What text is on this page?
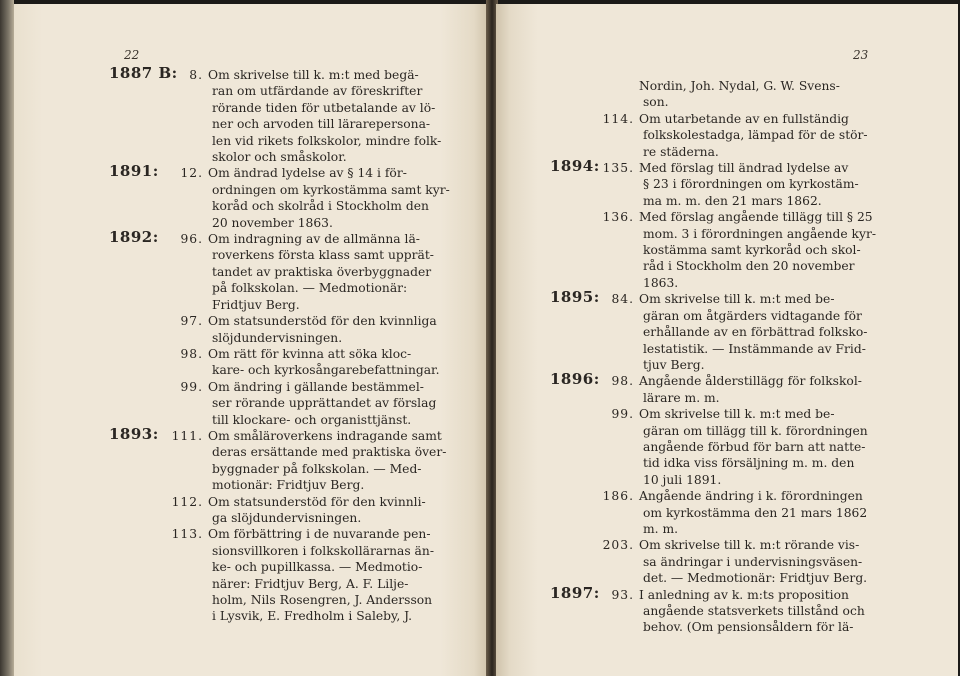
22
1887 B: 8. Om skrivelse till k. m:t med begä-
ran om utfärdande av föreskrifter
rörande tiden för utbetalande av lö-
ner och arvoden till lärarepersona-
len vid rikets folkskolor, mindre folk-
skolor och småskolor.
1891:	12. Om ändrad lydelse av § 14 i för-
ordningen om kyrkostämma samt kyr-
koråd och skolråd i Stockholm den
20 november 1863.
1892:	96. Om indragning av de allmänna lä-
roverkens första klass samt upprät-
tandet av praktiska överbyggnader
på folkskolan. — Medmotionär:
Fridtjuv Berg.
97. Om statsunderstöd för den kvinnliga
slöjdundervisningen.
98. Om rätt för kvinna att söka kloc-
kare- och kyrkosångarebefattningar.
99. Om ändring i gällande bestämmel-
ser rörande upprättandet av förslag
till klockare- och organisttjänst.
1893: 111. Om småläroverkens indragande samt
deras ersättande med praktiska över-
byggnader på folkskolan. — Med-
motionär: Fridtjuv Berg.
112. Om statsunderstöd för den kvinnli-
ga slöjdundervisningen.
113. Om förbättring i de nuvarande pen-
sionsvillkoren i folkskollärarnas än-
ke- och pupillkassa. — Medmotio-
närer: Fridtjuv Berg, A. F. Lilje-
holm, Nils Rosengren, J. Andersson
i Lysvik, E. Fredholm i Saleby, J.
23
Nordin, Joh. Nydal, G. W. Svens-
son.
114. Om utarbetande av en fullständig
folkskolestadga, lämpad för de stör-
re städerna.
1894: 135. Med förslag till ändrad lydelse av
§ 23 i förordningen om kyrkostäm-
ma m. m. den 21 mars 1862.
136. Med förslag angående tillägg till § 25
mom. 3 i förordningen angående kyr-
kostämma samt kyrkoråd och skol-
råd i Stockholm den 20 november
1863.
1895: 84. Om skrivelse till k. m:t med be-
gäran om åtgärders vidtagande för
erhållande av en förbättrad folksko-
lestatistik. — Instämmande av Frid-
tjuv Berg.
1896: 98. Angående ålderstillägg för folkskol-
lärare m. m.
99. Om skrivelse till k. m:t med be-
gäran om tillägg till k. förordningen
angående förbud för barn att natte-
tid idka viss försäljning m. m. den
10 juli 1891.
186. Angående ändring i k. förordningen
om kyrkostämma den 21 mars 1862
m. m.
203. Om skrivelse till k. m:t rörande vis-
sa ändringar i undervisningsväsen-
det. — Medmotionär: Fridtjuv Berg.
1897: 93. I anledning av k. m:ts proposition
angående statsverkets tillstånd och
behov. (Om pensionsåldern för lä-
